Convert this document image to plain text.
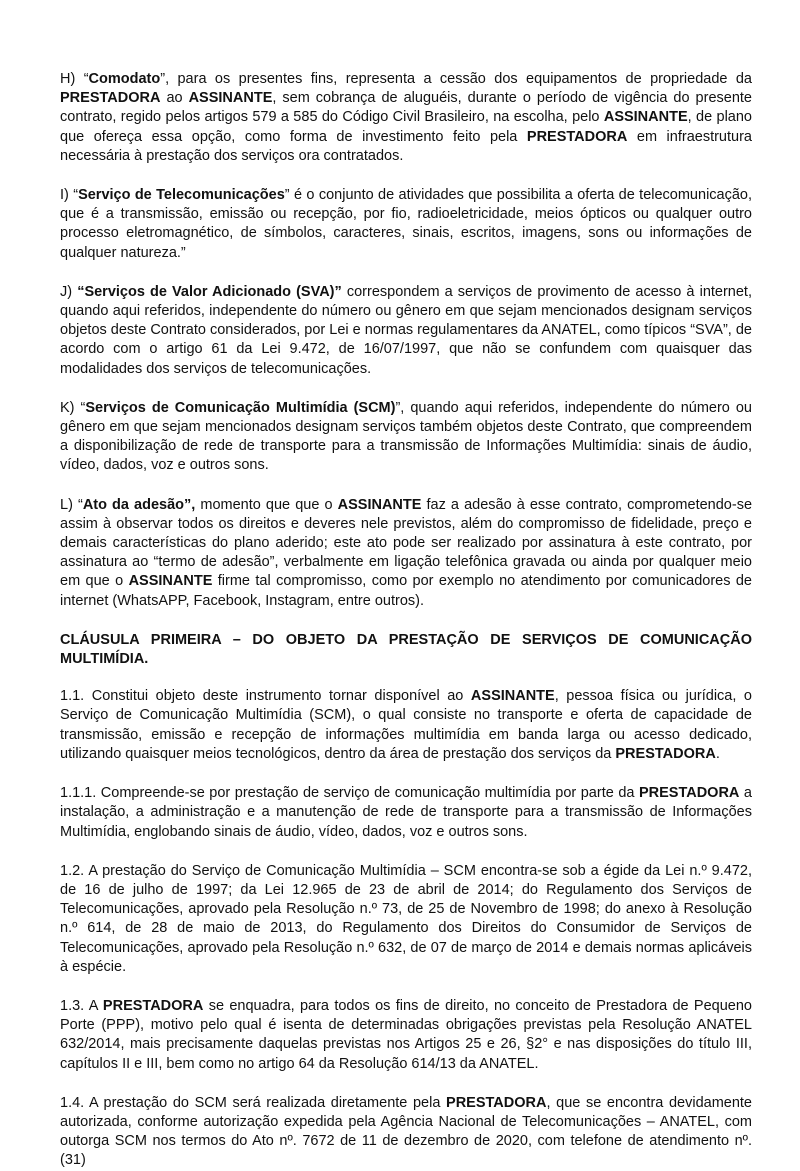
H) “Comodato”, para os presentes fins, representa a cessão dos equipamentos de propriedade da PRESTADORA ao ASSINANTE, sem cobrança de aluguéis, durante o período de vigência do presente contrato, regido pelos artigos 579 a 585 do Código Civil Brasileiro, na escolha, pelo ASSINANTE, de plano que ofereça essa opção, como forma de investimento feito pela PRESTADORA em infraestrutura necessária à prestação dos serviços ora contratados.

I) “Serviço de Telecomunicações” é o conjunto de atividades que possibilita a oferta de telecomunicação, que é a transmissão, emissão ou recepção, por fio, radioeletricidade, meios ópticos ou qualquer outro processo eletromagnético, de símbolos, caracteres, sinais, escritos, imagens, sons ou informações de qualquer natureza.”

J) “Serviços de Valor Adicionado (SVA)” correspondem a serviços de provimento de acesso à internet, quando aqui referidos, independente do número ou gênero em que sejam mencionados designam serviços objetos deste Contrato considerados, por Lei e normas regulamentares da ANATEL, como típicos “SVA”, de acordo com o artigo 61 da Lei 9.472, de 16/07/1997, que não se confundem com quaisquer das modalidades dos serviços de telecomunicações.

K) “Serviços de Comunicação Multimídia (SCM)”, quando aqui referidos, independente do número ou gênero em que sejam mencionados designam serviços também objetos deste Contrato, que compreendem a disponibilização de rede de transporte para a transmissão de Informações Multimídia: sinais de áudio, vídeo, dados, voz e outros sons.

L) “Ato da adesão”, momento que que o ASSINANTE faz a adesão à esse contrato, comprometendo-se assim à observar todos os direitos e deveres nele previstos, além do compromisso de fidelidade, preço e demais características do plano aderido; este ato pode ser realizado por assinatura à este contrato, por assinatura ao “termo de adesão”, verbalmente em ligação telefônica gravada ou ainda por qualquer meio em que o ASSINANTE firme tal compromisso, como por exemplo no atendimento por comunicadores de internet (WhatsAPP, Facebook, Instagram, entre outros).

CLÁUSULA PRIMEIRA – DO OBJETO DA PRESTAÇÃO DE SERVIÇOS DE COMUNICAÇÃO MULTIMÍDIA.

1.1. Constitui objeto deste instrumento tornar disponível ao ASSINANTE, pessoa física ou jurídica, o Serviço de Comunicação Multimídia (SCM), o qual consiste no transporte e oferta de capacidade de transmissão, emissão e recepção de informações multimídia em banda larga ou acesso dedicado, utilizando quaisquer meios tecnológicos, dentro da área de prestação dos serviços da PRESTADORA.

1.1.1. Compreende-se por prestação de serviço de comunicação multimídia por parte da PRESTADORA a instalação, a administração e a manutenção de rede de transporte para a transmissão de Informações Multimídia, englobando sinais de áudio, vídeo, dados, voz e outros sons.

1.2. A prestação do Serviço de Comunicação Multimídia – SCM encontra-se sob a égide da Lei n.º 9.472, de 16 de julho de 1997; da Lei 12.965 de 23 de abril de 2014; do Regulamento dos Serviços de Telecomunicações, aprovado pela Resolução n.º 73, de 25 de Novembro de 1998; do anexo à Resolução n.º 614, de 28 de maio de 2013, do Regulamento dos Direitos do Consumidor de Serviços de Telecomunicações, aprovado pela Resolução n.º 632, de 07 de março de 2014 e demais normas aplicáveis à espécie.

1.3. A PRESTADORA se enquadra, para todos os fins de direito, no conceito de Prestadora de Pequeno Porte (PPP), motivo pelo qual é isenta de determinadas obrigações previstas pela Resolução ANATEL 632/2014, mais precisamente daquelas previstas nos Artigos 25 e 26, §2° e nas disposições do título III, capítulos II e III, bem como no artigo 64 da Resolução 614/13 da ANATEL.

1.4. A prestação do SCM será realizada diretamente pela PRESTADORA, que se encontra devidamente autorizada, conforme autorização expedida pela Agência Nacional de Telecomunicações – ANATEL, com outorga SCM nos termos do Ato nº. 7672 de 11 de dezembro de 2020, com telefone de atendimento nº. (31)
